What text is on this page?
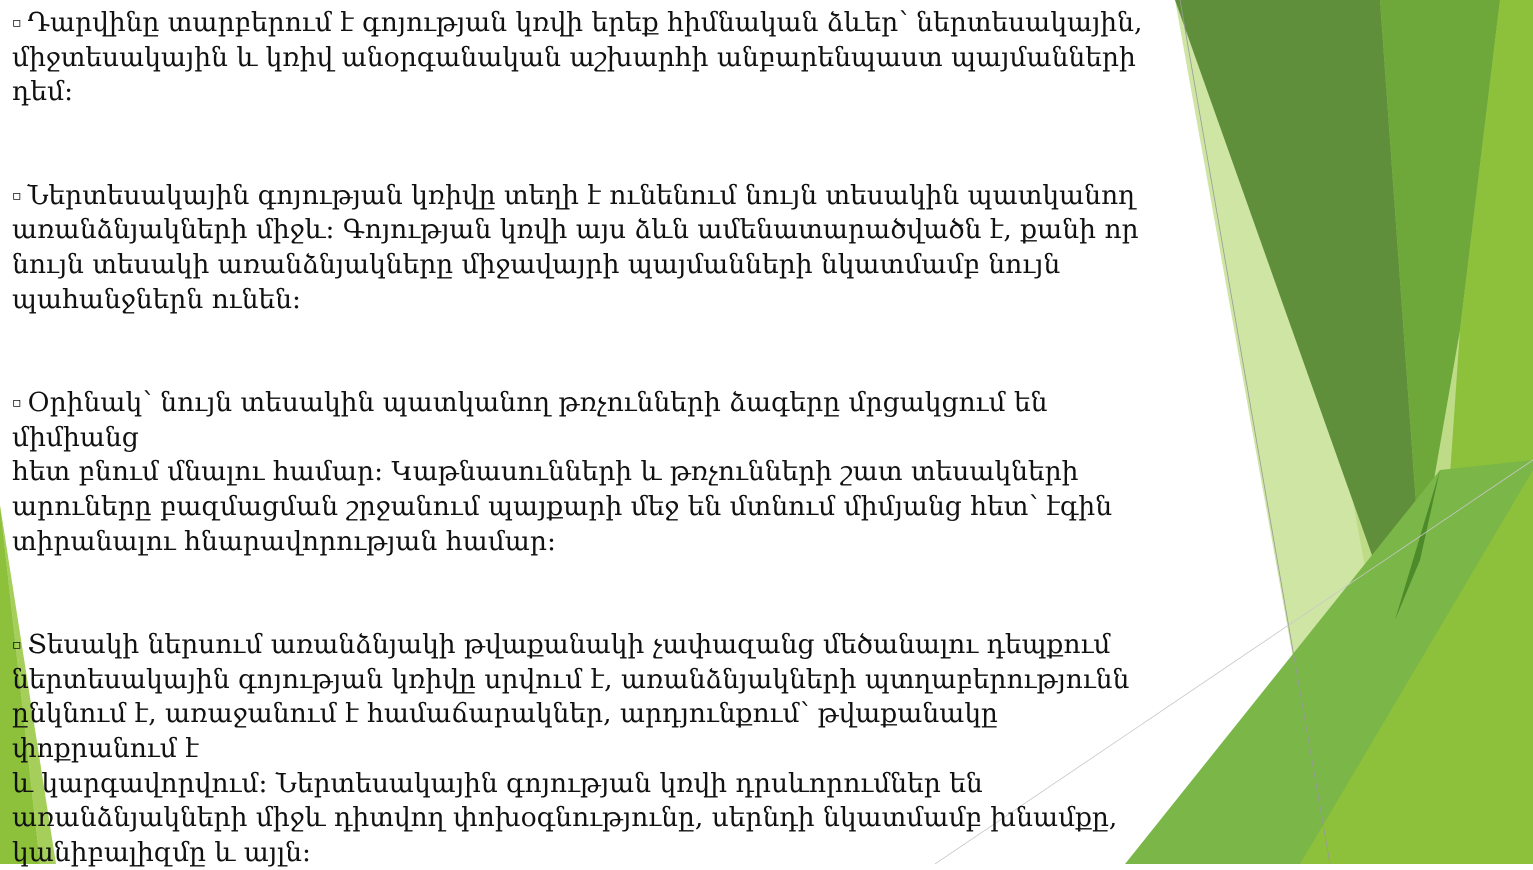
▫ Դարվինը տարբերում է գոյության կռվի երեք հիմնական ձևեր՝ ներտեսակային,
միջտեսակային և կռիվ անօրգանական աշխարհի անբարենպաստ պայմանների դեմ:

▫ Ներտեսակային գոյության կռիվը տեղի է ունենում նույն տեսակին պատկանող
առանձնյակների միջև: Գոյության կռվի այս ձևն ամենատարածվածն է, քանի որ
նույն տեսակի առանձնյակները միջավայրի պայմանների նկատմամբ նույն
պահանջներն ունեն:

▫ Օրինակ՝ նույն տեսակին պատկանող թռչունների ձագերը մրցակցում են միմիանց
հետ բնում մնալու համար: Կաթնասունների և թռչունների շատ տեսակների
արուները բազմացման շրջանում պայքարի մեջ են մտնում միմյանց հետ՝ էգին
տիրանալու հնարավորության համար:

▫ Տեսակի ներսում առանձնյակի թվաքանակի չափազանց մեծանալու դեպքում
ներտեսակային գոյության կռիվը սրվում է, առանձնյակների պտղաբերությունն
ընկնում է, առաջանում է համաճարակներ, արդյունքում՝ թվաքանակը փոքրանում է
և կարգավորվում: Ներտեսակային գոյության կռվի դրսևորումներ են
առանձնյակների միջև դիտվող փոխօգնությունը, սերնդի նկատմամբ խնամքը,
կանիբալիզմը և այլն:
